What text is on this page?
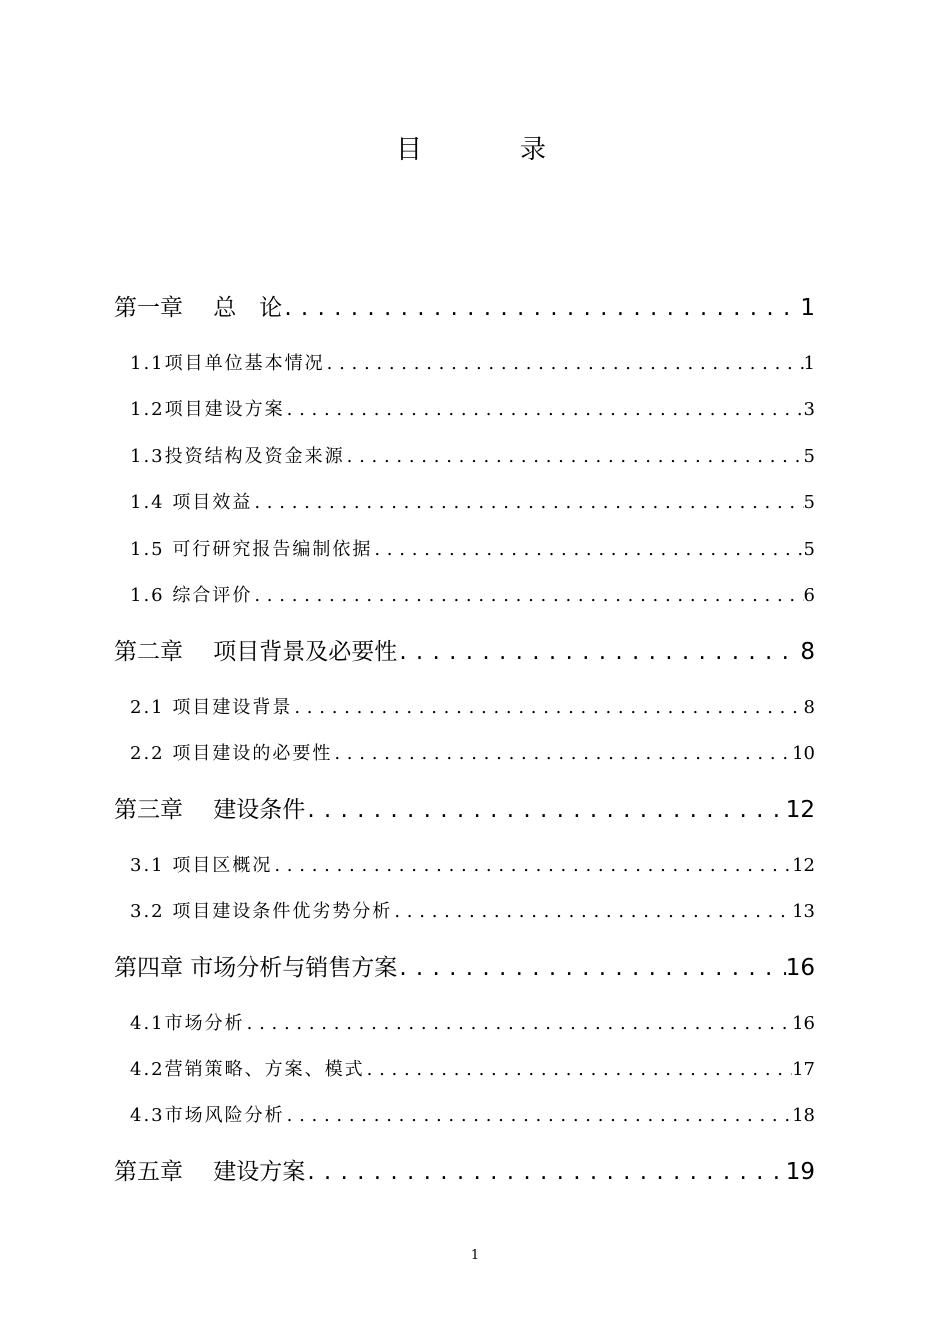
目　录
第一章　 总　论 . . .	1
1.1项目单位基本情况 . . .	1
1.2项目建设方案 . . .	3
1.3投资结构及资金来源 . . .	5
1.4 项目效益 . . .	5
1.5 可行研究报告编制依据 . . .	5
1.6 综合评价 . . .	6
第二章　 项目背景及必要性 . . .	8
2.1 项目建设背景 . . .	8
2.2 项目建设的必要性 . . .	10
第三章　 建设条件 . . .	12
3.1 项目区概况 . . .	12
3.2 项目建设条件优劣势分析 . . .	13
第四章 市场分析与销售方案 . . .	16
4.1市场分析 . . .	16
4.2营销策略、方案、模式 . . .	17
4.3市场风险分析 . . .	18
第五章　 建设方案 . . .	19
1
